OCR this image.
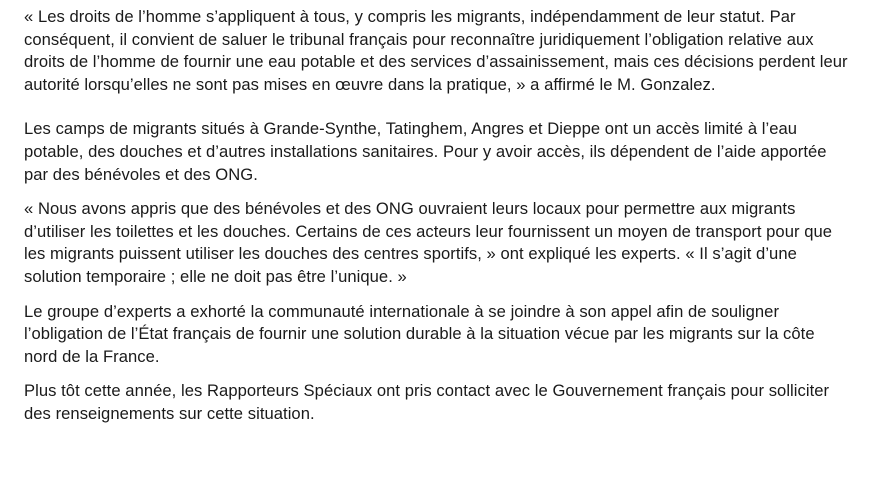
« Les droits de l’homme s’appliquent à tous, y compris les migrants, indépendamment de leur statut. Par conséquent, il convient de saluer le tribunal français pour reconnaître juridiquement l’obligation relative aux droits de l’homme de fournir une eau potable et des services d’assainissement, mais ces décisions perdent leur autorité lorsqu’elles ne sont pas mises en œuvre dans la pratique, » a affirmé le M. Gonzalez.

Les camps de migrants situés à Grande-Synthe, Tatinghem, Angres et Dieppe ont un accès limité à l’eau potable, des douches et d’autres installations sanitaires. Pour y avoir accès, ils dépendent de l’aide apportée par des bénévoles et des ONG.

« Nous avons appris que des bénévoles et des ONG ouvraient leurs locaux pour permettre aux migrants d’utiliser les toilettes et les douches. Certains de ces acteurs leur fournissent un moyen de transport pour que les migrants puissent utiliser les douches des centres sportifs, » ont expliqué les experts. « Il s’agit d’une solution temporaire ; elle ne doit pas être l’unique. »

Le groupe d’experts a exhorté la communauté internationale à se joindre à son appel afin de souligner l’obligation de l’État français de fournir une solution durable à la situation vécue par les migrants sur la côte nord de la France.

Plus tôt cette année, les Rapporteurs Spéciaux ont pris contact avec le Gouvernement français pour solliciter des renseignements sur cette situation.
